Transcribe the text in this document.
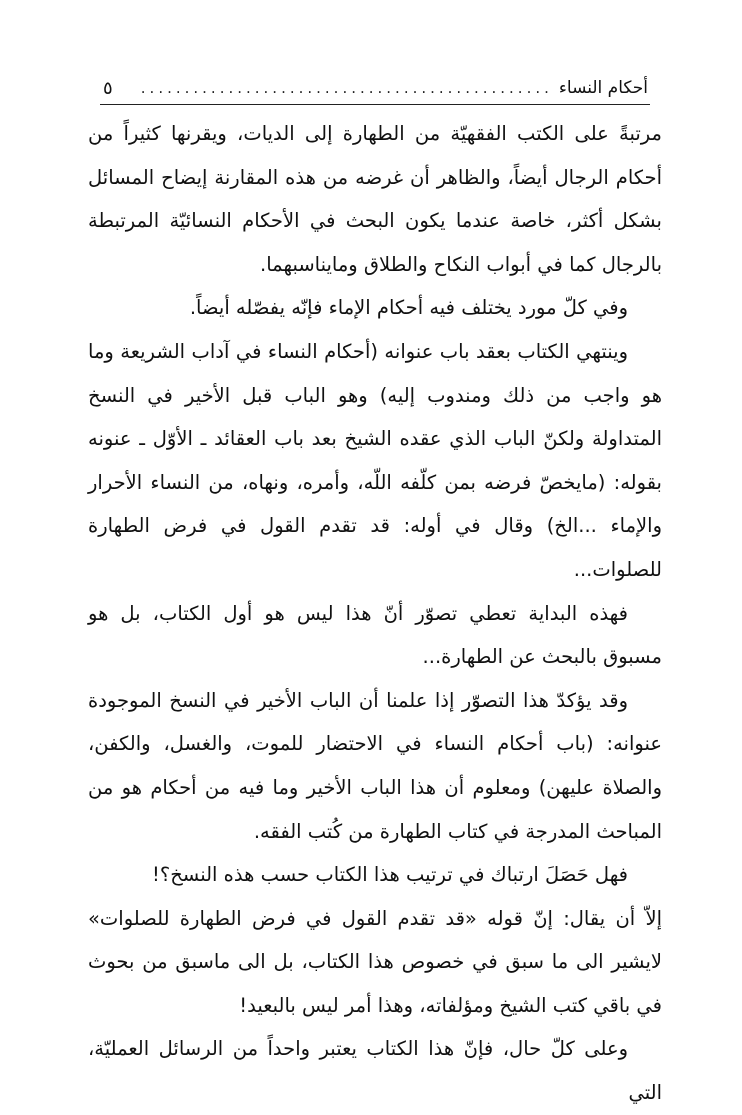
أحكام النساء
...............................................
٥

مرتبةً على الكتب الفقهيّة من الطهارة إلى الديات، ويقرنها كثيراً من أحكام الرجال أيضاً، والظاهر أن غرضه من هذه المقارنة إيضاح المسائل بشكل أكثر، خاصة عندما يكون البحث في الأحكام النسائيّة المرتبطة بالرجال كما في أبواب النكاح والطلاق ومايناسبهما.

وفي كلّ مورد يختلف فيه أحكام الإماء فإنّه يفصّله أيضاً.

وينتهي الكتاب بعقد باب عنوانه (أحكام النساء في آداب الشريعة وما هو واجب من ذلك ومندوب إليه) وهو الباب قبل الأخير في النسخ المتداولة ولكنّ الباب الذي عقده الشيخ بعد باب العقائد ـ الأوّل ـ عنونه بقوله: (مايخصّ فرضه بمن كلّفه اللّه، وأمره، ونهاه، من النساء الأحرار والإماء ...الخ) وقال في أوله: قد تقدم القول في فرض الطهارة للصلوات...

فهذه البداية تعطي تصوّر أنّ هذا ليس هو أول الكتاب، بل هو مسبوق بالبحث عن الطهارة...

وقد يؤكدّ هذا التصوّر إذا علمنا أن الباب الأخير في النسخ الموجودة عنوانه: (باب أحكام النساء في الاحتضار للموت، والغسل، والكفن، والصلاة عليهن) ومعلوم أن هذا الباب الأخير وما فيه من أحكام هو من المباحث المدرجة في كتاب الطهارة من كُتب الفقه.

فهل حَصَلَ ارتباك في ترتيب هذا الكتاب حسب هذه النسخ؟!

إلاّ أن يقال: إنّ قوله «قد تقدم القول في فرض الطهارة للصلوات» لايشير الى ما سبق في خصوص هذا الكتاب، بل الى ماسبق من بحوث في باقي كتب الشيخ ومؤلفاته، وهذا أمر ليس بالبعيد!

وعلى كلّ حال، فإنّ هذا الكتاب يعتبر واحداً من الرسائل العمليّة، التي
